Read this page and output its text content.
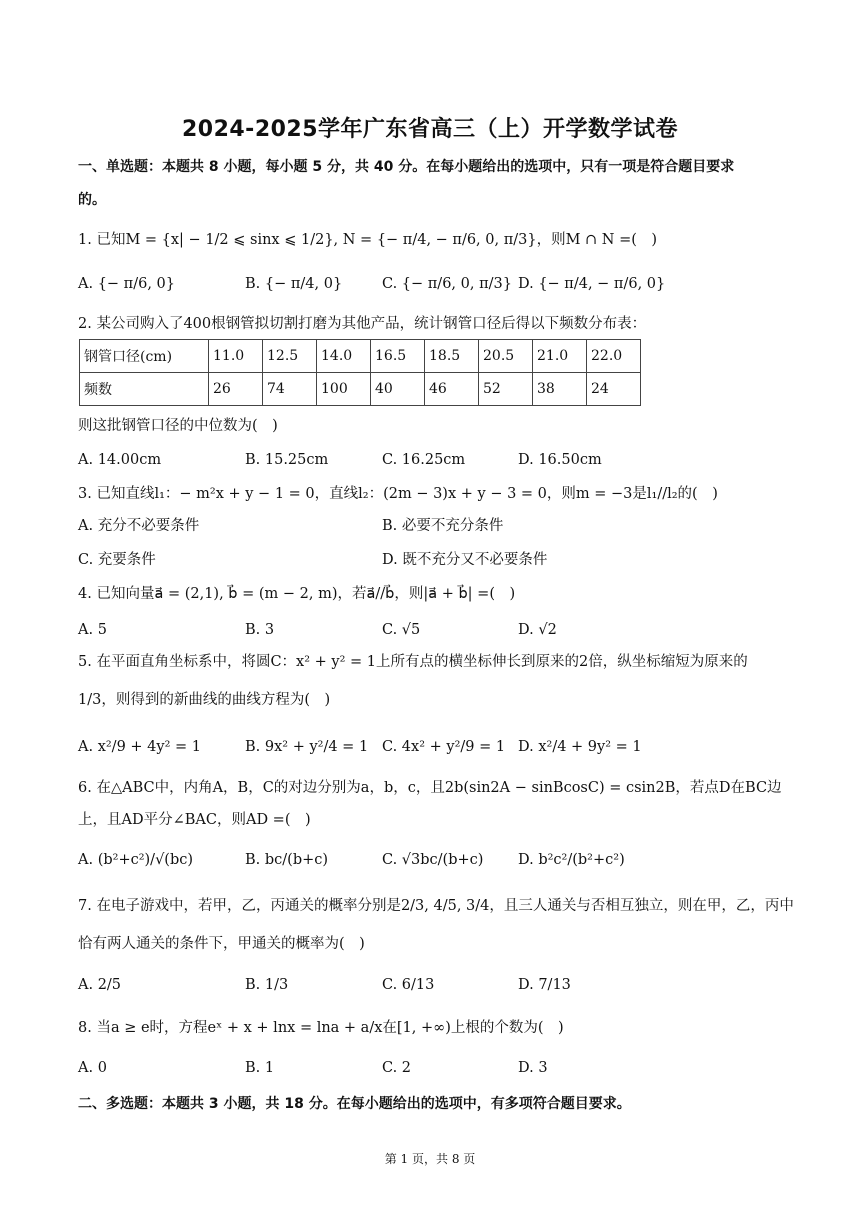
2024-2025学年广东省高三（上）开学数学试卷
一、单选题：本题共 8 小题，每小题 5 分，共 40 分。在每小题给出的选项中，只有一项是符合题目要求
的。
1. 已知M = {x| − 1/2 ⩽ sinx ⩽ 1/2}, N = {− π/4, − π/6, 0, π/3}，则M ∩ N =(　)
A. {− π/6, 0}	B. {− π/4, 0}	C. {− π/6, 0, π/3} D. {− π/4, − π/6, 0}
2. 某公司购入了400根钢管拟切割打磨为其他产品，统计钢管口径后得以下频数分布表：
钢管口径(cm)	11.0	12.5	14.0	16.5	18.5	20.5	21.0	22.0
频数	26	74	100	40	46	52	38	24
则这批钢管口径的中位数为(　)
A. 14.00cm	B. 15.25cm	C. 16.25cm	D. 16.50cm
3. 已知直线l₁：− m²x + y − 1 = 0，直线l₂：(2m − 3)x + y − 3 = 0，则m = −3是l₁//l₂的(　)
A. 充分不必要条件	B. 必要不充分条件
C. 充要条件	D. 既不充分又不必要条件
4. 已知向量a⃗ = (2,1), b⃗ = (m − 2, m)，若a⃗//b⃗，则|a⃗ + b⃗| =(　)
A. 5	B. 3	C. √5	D. √2
5. 在平面直角坐标系中，将圆C：x² + y² = 1上所有点的横坐标伸长到原来的2倍，纵坐标缩短为原来的
1/3，则得到的新曲线的曲线方程为(　)
A. x²/9 + 4y² = 1	B. 9x² + y²/4 = 1 C. 4x² + y²/9 = 1 D. x²/4 + 9y² = 1
6. 在△ABC中，内角A，B，C的对边分别为a，b，c，且2b(sin2A − sinBcosC) = csin2B，若点D在BC边
上，且AD平分∠BAC，则AD =(　)
A. (b²+c²)/√(bc)	B. bc/(b+c)	C. √3bc/(b+c) D. b²c²/(b²+c²)
7. 在电子游戏中，若甲，乙，丙通关的概率分别是2/3, 4/5, 3/4，且三人通关与否相互独立，则在甲，乙，丙中
恰有两人通关的条件下，甲通关的概率为(　)
A. 2/5	B. 1/3	C. 6/13	D. 7/13
8. 当a ≥ e时，方程eˣ + x + lnx = lna + a/x在[1, +∞)上根的个数为(　)
A. 0	B. 1	C. 2	D. 3
二、多选题：本题共 3 小题，共 18 分。在每小题给出的选项中，有多项符合题目要求。
第 1 页，共 8 页
